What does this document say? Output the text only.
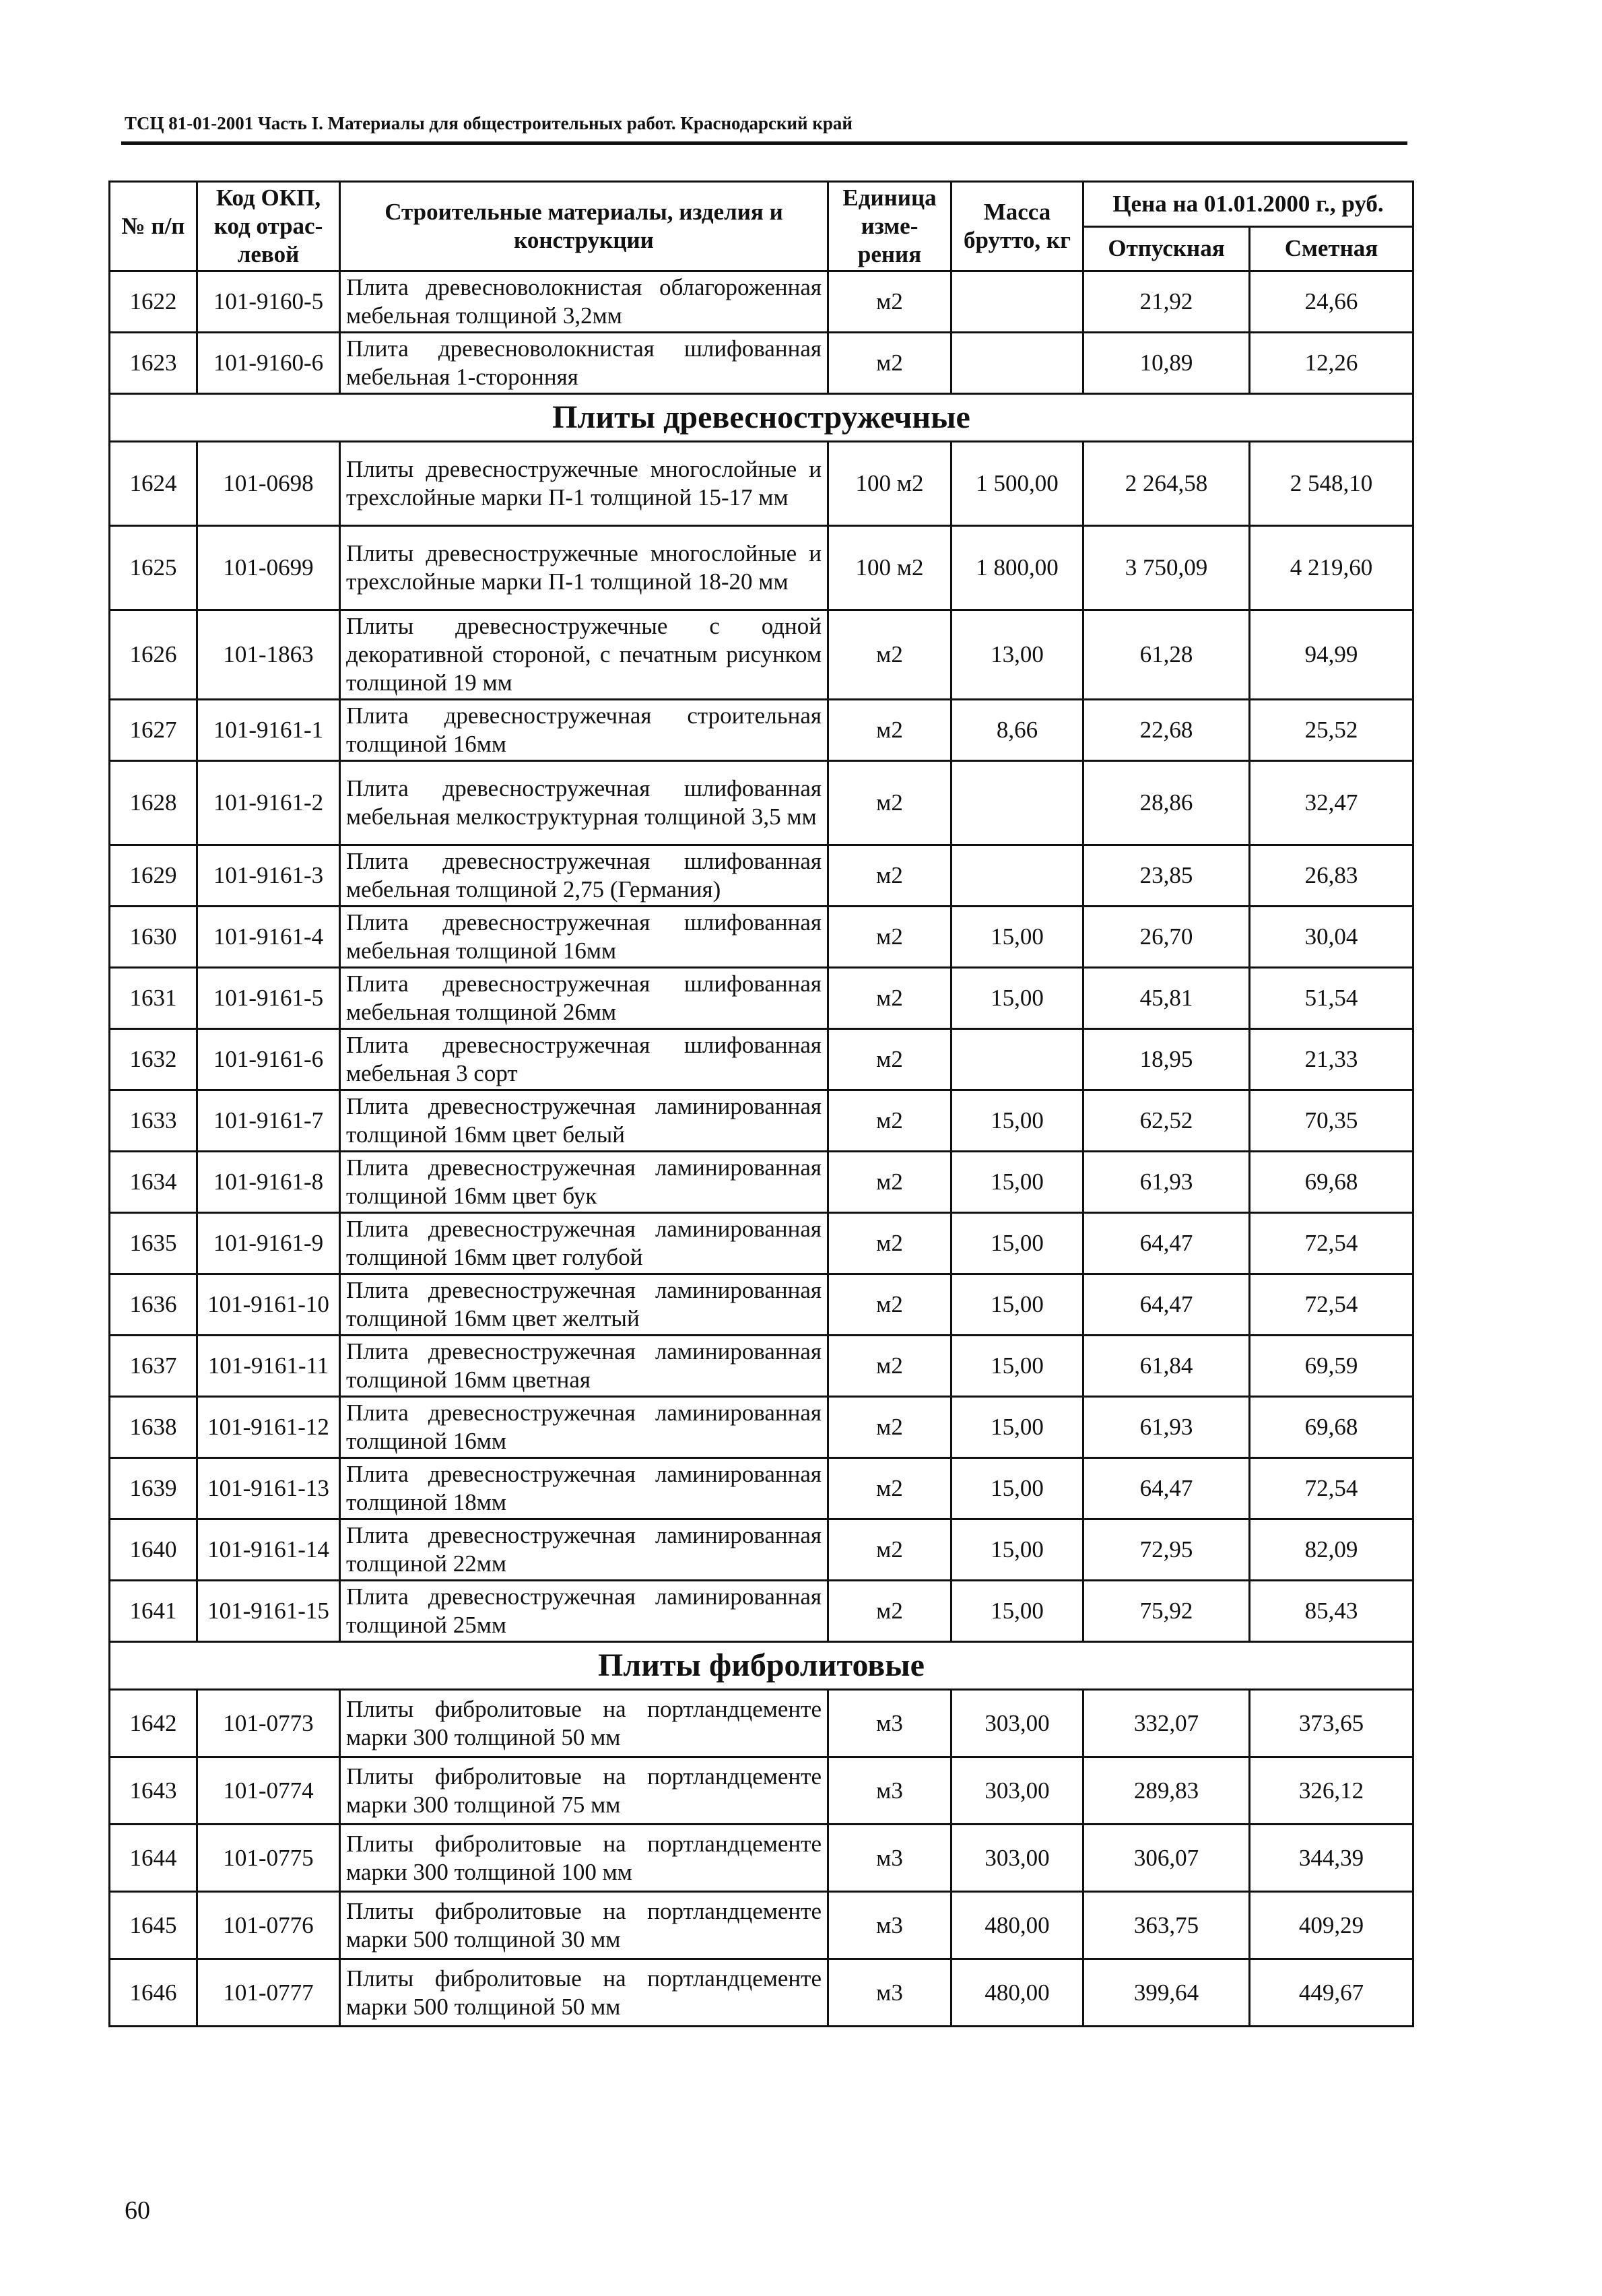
ТСЦ 81-01-2001 Часть I. Материалы для общестроительных работ. Краснодарский край
№ п/п	Код ОКП, код отрас-левой	Строительные материалы, изделия и конструкции	Единица изме-рения	Масса брутто, кг	Цена на 01.01.2000 г., руб.	
					Отпускная	Сметная
1622	101-9160-5	Плита древесноволокнистая облагороженная мебельная толщиной 3,2мм	м2		21,92	24,66
1623	101-9160-6	Плита древесноволокнистая шлифованная мебельная 1-сторонняя	м2		10,89	12,26
Плиты древесностружечные						
1624	101-0698	Плиты древесностружечные многослойные и трехслойные марки П-1 толщиной 15-17 мм	100 м2	1 500,00	2 264,58	2 548,10
1625	101-0699	Плиты древесностружечные многослойные и трехслойные марки П-1 толщиной 18-20 мм	100 м2	1 800,00	3 750,09	4 219,60
1626	101-1863	Плиты древесностружечные с одной декоративной стороной, с печатным рисунком толщиной 19 мм	м2	13,00	61,28	94,99
1627	101-9161-1	Плита древесностружечная строительная толщиной 16мм	м2	8,66	22,68	25,52
1628	101-9161-2	Плита древесностружечная шлифованная мебельная мелкоструктурная толщиной 3,5 мм	м2		28,86	32,47
1629	101-9161-3	Плита древесностружечная шлифованная мебельная толщиной 2,75 (Германия)	м2		23,85	26,83
1630	101-9161-4	Плита древесностружечная шлифованная мебельная толщиной 16мм	м2	15,00	26,70	30,04
1631	101-9161-5	Плита древесностружечная шлифованная мебельная толщиной 26мм	м2	15,00	45,81	51,54
1632	101-9161-6	Плита древесностружечная шлифованная мебельная 3 сорт	м2		18,95	21,33
1633	101-9161-7	Плита древесностружечная ламинированная толщиной 16мм цвет белый	м2	15,00	62,52	70,35
1634	101-9161-8	Плита древесностружечная ламинированная толщиной 16мм цвет бук	м2	15,00	61,93	69,68
1635	101-9161-9	Плита древесностружечная ламинированная толщиной 16мм цвет голубой	м2	15,00	64,47	72,54
1636	101-9161-10	Плита древесностружечная ламинированная толщиной 16мм цвет желтый	м2	15,00	64,47	72,54
1637	101-9161-11	Плита древесностружечная ламинированная толщиной 16мм цветная	м2	15,00	61,84	69,59
1638	101-9161-12	Плита древесностружечная ламинированная толщиной 16мм	м2	15,00	61,93	69,68
1639	101-9161-13	Плита древесностружечная ламинированная толщиной 18мм	м2	15,00	64,47	72,54
1640	101-9161-14	Плита древесностружечная ламинированная толщиной 22мм	м2	15,00	72,95	82,09
1641	101-9161-15	Плита древесностружечная ламинированная толщиной 25мм	м2	15,00	75,92	85,43
Плиты фибролитовые						
1642	101-0773	Плиты фибролитовые на портландцементе марки 300 толщиной 50 мм	м3	303,00	332,07	373,65
1643	101-0774	Плиты фибролитовые на портландцементе марки 300 толщиной 75 мм	м3	303,00	289,83	326,12
1644	101-0775	Плиты фибролитовые на портландцементе марки 300 толщиной 100 мм	м3	303,00	306,07	344,39
1645	101-0776	Плиты фибролитовые на портландцементе марки 500 толщиной 30 мм	м3	480,00	363,75	409,29
1646	101-0777	Плиты фибролитовые на портландцементе марки 500 толщиной 50 мм	м3	480,00	399,64	449,67
60
